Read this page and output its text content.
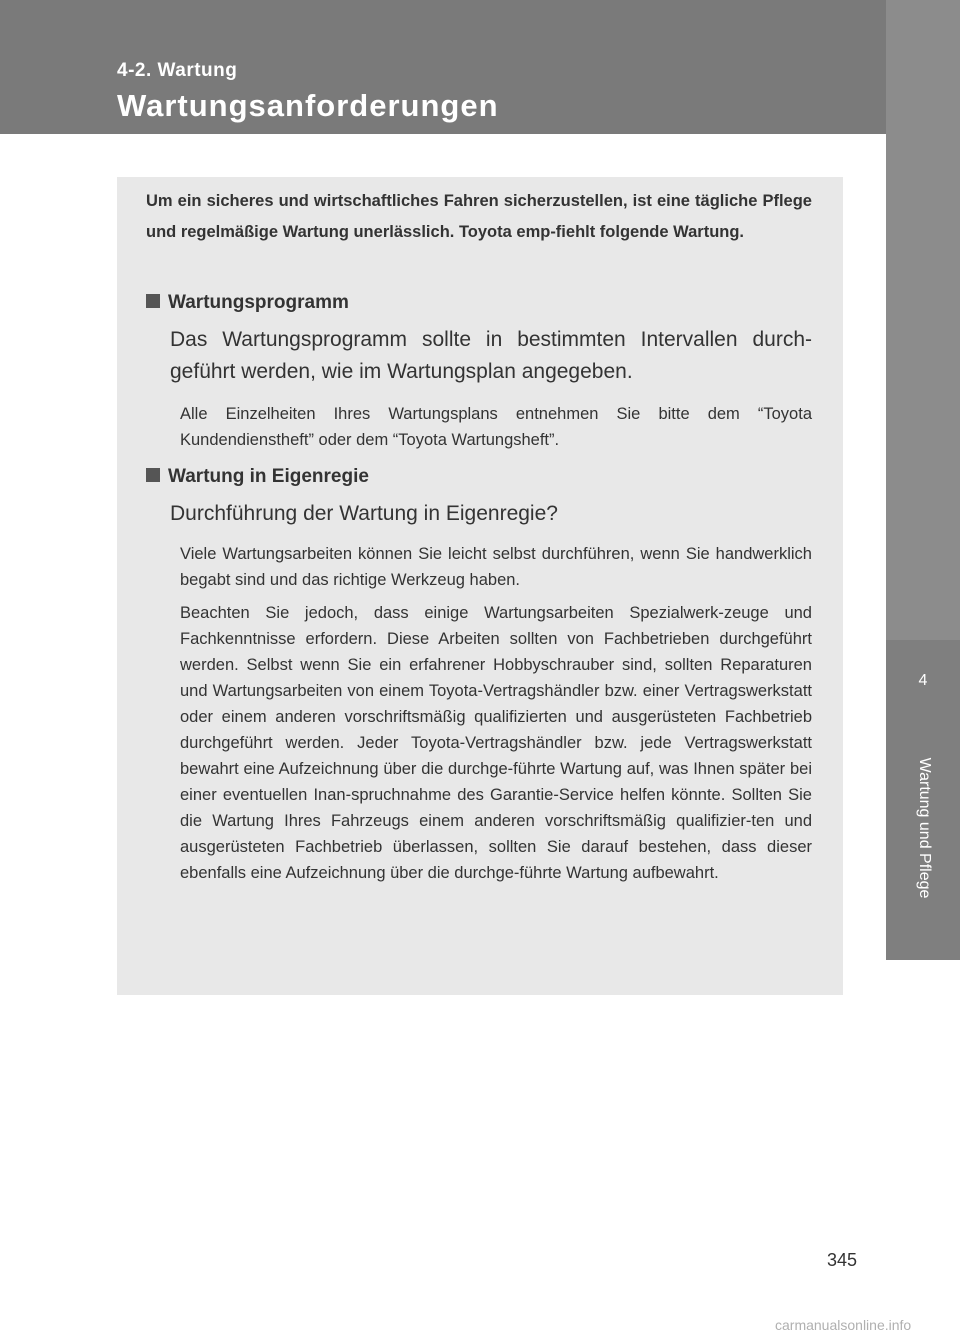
4-2. Wartung
Wartungsanforderungen
4
Wartung und Pflege
Um ein sicheres und wirtschaftliches Fahren sicherzustellen, ist eine tägliche Pflege und regelmäßige Wartung unerlässlich. Toyota emp-fiehlt folgende Wartung.
Wartungsprogramm
Das Wartungsprogramm sollte in bestimmten Intervallen durch-geführt werden, wie im Wartungsplan angegeben.
Alle Einzelheiten Ihres Wartungsplans entnehmen Sie bitte dem “Toyota Kundendienstheft” oder dem “Toyota Wartungsheft”.
Wartung in Eigenregie
Durchführung der Wartung in Eigenregie?
Viele Wartungsarbeiten können Sie leicht selbst durchführen, wenn Sie handwerklich begabt sind und das richtige Werkzeug haben.
Beachten Sie jedoch, dass einige Wartungsarbeiten Spezialwerk-zeuge und Fachkenntnisse erfordern. Diese Arbeiten sollten von Fachbetrieben durchgeführt werden. Selbst wenn Sie ein erfahrener Hobbyschrauber sind, sollten Reparaturen und Wartungsarbeiten von einem Toyota-Vertragshändler bzw. einer Vertragswerkstatt oder einem anderen vorschriftsmäßig qualifizierten und ausgerüsteten Fachbetrieb durchgeführt werden. Jeder Toyota-Vertragshändler bzw. jede Vertragswerkstatt bewahrt eine Aufzeichnung über die durchge-führte Wartung auf, was Ihnen später bei einer eventuellen Inan-spruchnahme des Garantie-Service helfen könnte. Sollten Sie die Wartung Ihres Fahrzeugs einem anderen vorschriftsmäßig qualifizier-ten und ausgerüsteten Fachbetrieb überlassen, sollten Sie darauf bestehen, dass dieser ebenfalls eine Aufzeichnung über die durchge-führte Wartung aufbewahrt.
345
carmanualsonline.info
